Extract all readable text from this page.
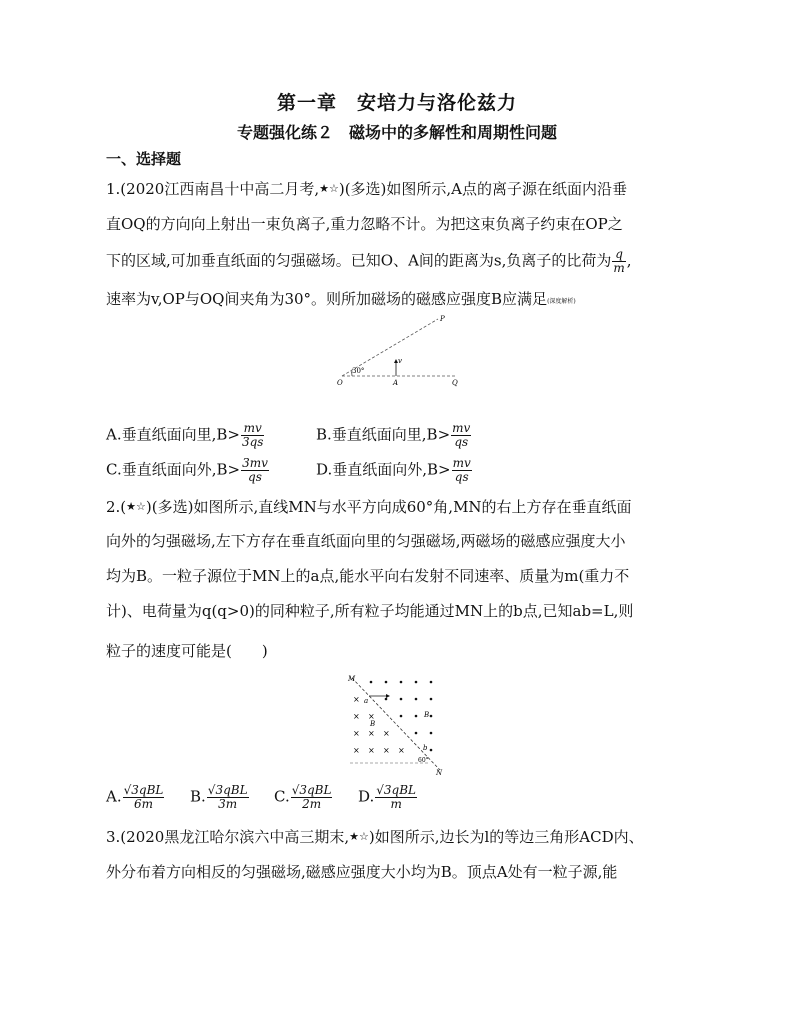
第一章　安培力与洛伦兹力
专题强化练２　磁场中的多解性和周期性问题
一、选择题
1.(2020江西南昌十中高二月考,★☆)(多选)如图所示,A点的离子源在纸面内沿垂
直OQ的方向向上射出一束负离子,重力忽略不计。为把这束负离子约束在OP之
下的区域,可加垂直纸面的匀强磁场。已知O、A间的距离为s,负离子的比荷为 $\frac{q}{m}$ ,
速率为v,OP与OQ间夹角为30°。则所加磁场的磁感应强度B应满足(深度解析)
P
v
30°
O	A	Q
A.垂直纸面向里$,B> \frac{mv}{3qs}$	B.垂直纸面向里$,B> \frac{mv}{qs}$
C.垂直纸面向外$,B> \frac{3mv}{qs}$	D.垂直纸面向外$,B> \frac{mv}{qs}$
2.(★☆)(多选)如图所示,直线MN与水平方向成60°角,MN的右上方存在垂直纸面
向外的匀强磁场,左下方存在垂直纸面向里的匀强磁场,两磁场的磁感应强度大小
均为B。一粒子源位于MN上的a点,能水平向右发射不同速率、质量为m(重力不
计)、电荷量为q(q>0)的同种粒子,所有粒子均能通过MN上的b点,已知ab=L,则
粒子的速度可能是(　　)
×
× ×
× × ×
× × × ×
M
N
a
b
B
B
60°
A. $\frac{\text{√3qBL}}{6m} B$. $\frac{\text{√3qBL}}{3m} C$. $\frac{\text{√3qBL}}{2m} D$. $\frac{\text{√3qBL}}{m}$
3.(2020黑龙江哈尔滨六中高三期末,★☆)如图所示,边长为l的等边三角形ACD内、
外分布着方向相反的匀强磁场,磁感应强度大小均为B。顶点A处有一粒子源,能
